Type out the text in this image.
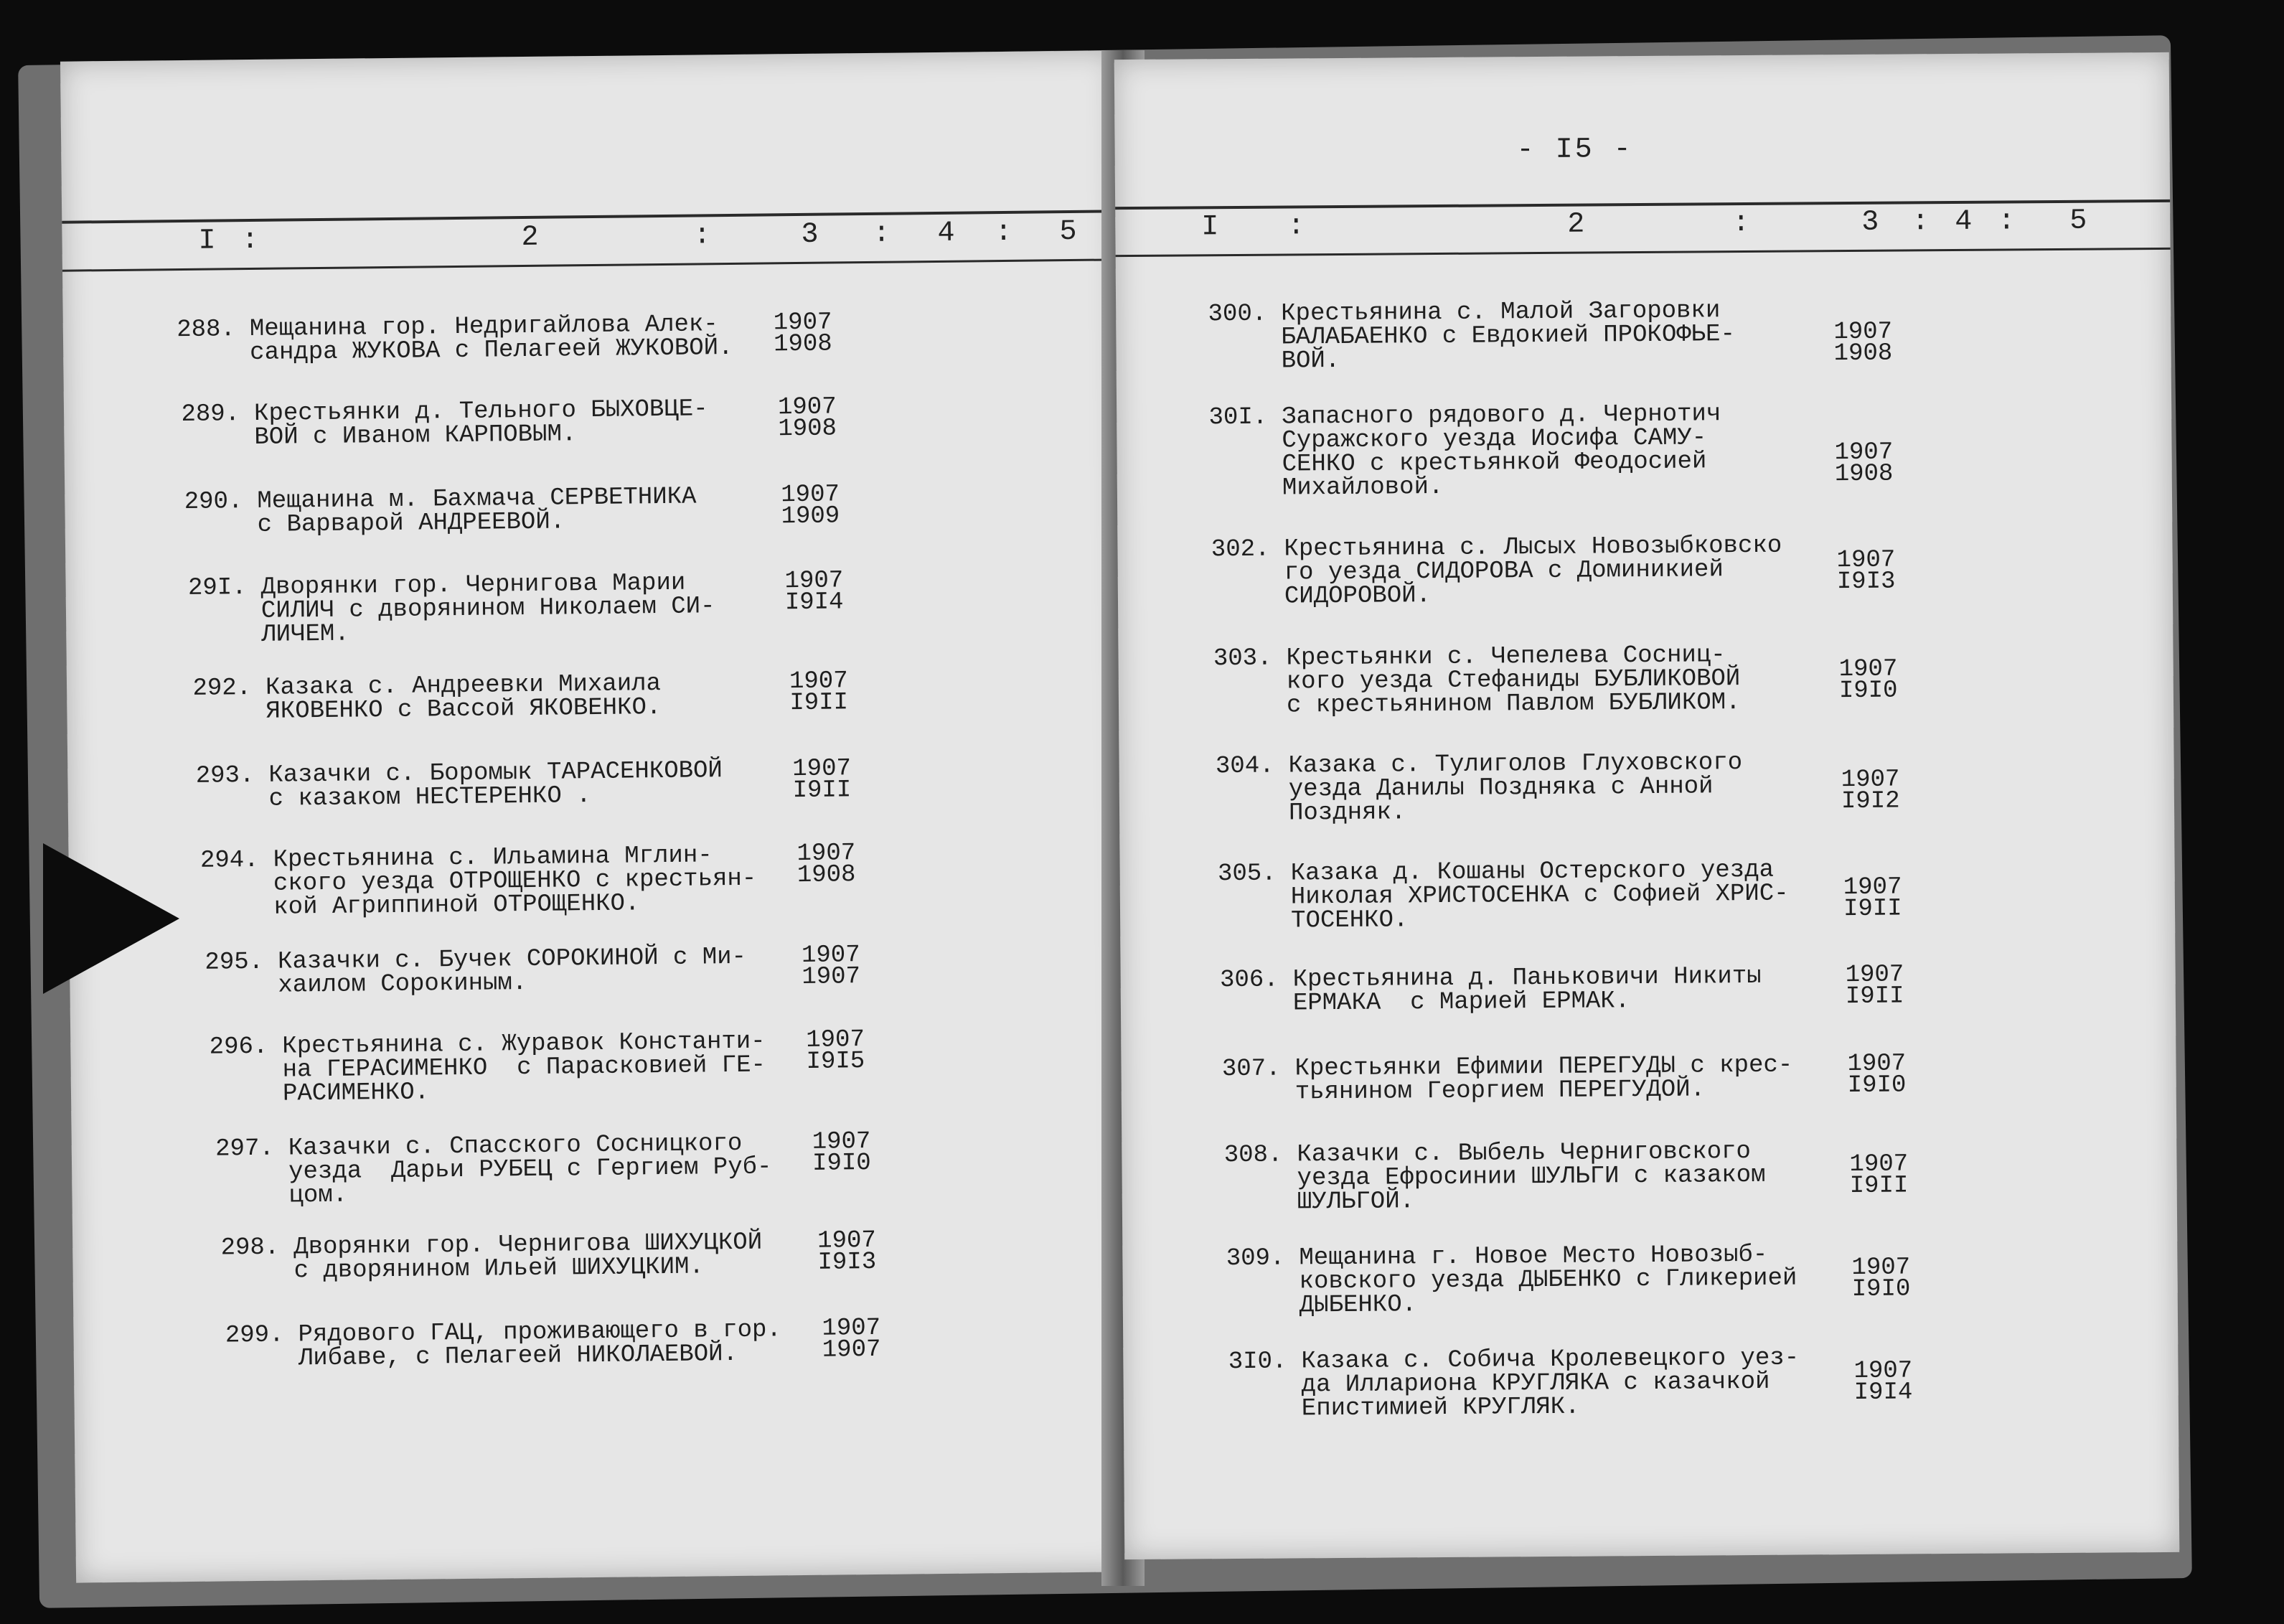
I :	2	:	3 : 4 : 5
288. Мещанина гор. Недригайлова Алек-
сандра ЖУКОВА с Пелагеей ЖУКОВОЙ.
1907
1908
289. Крестьянки д. Тельного БЫХОВЦЕ-
ВОЙ с Иваном КАРПОВЫМ.
1907
1908
290. Мещанина м. Бахмача СЕРВЕТНИКА
с Варварой АНДРЕЕВОЙ.
1907
1909
29I. Дворянки гор. Чернигова Марии
СИЛИЧ с дворянином Николаем СИ-
ЛИЧЕМ.
1907
I9I4
292. Казака с. Андреевки Михаила
ЯКОВЕНКО с Вассой ЯКОВЕНКО.
1907
I9II
293. Казачки с. Боромык ТАРАСЕНКОВОЙ
с казаком НЕСТЕРЕНКО .
1907
I9II
294. Крестьянина с. Ильамина Мглин-
ского уезда ОТРОЩЕНКО с крестьян-
кой Агриппиной ОТРОЩЕНКО.
1907
1908
295. Казачки с. Бучек СОРОКИНОЙ с Ми-
хаилом Сорокиным.
1907
1907
296. Крестьянина с. Журавок Константи-
на ГЕРАСИМЕНКО  с Парасковией ГЕ-
РАСИМЕНКО.
1907
I9I5
297. Казачки с. Спасского Сосницкого
уезда  Дарьи РУБЕЦ с Гергием Руб-
цом.
1907
I9I0
298. Дворянки гор. Чернигова ШИХУЦКОЙ
с дворянином Ильей ШИХУЦКИМ.
1907
I9I3
299. Рядового ГАЦ, проживающего в гор.
Либаве, с Пелагеей НИКОЛАЕВОЙ.
1907
1907
- I5 -
I :	2	:	3 : 4 : 5
300. Крестьянина с. Малой Загоровки
БАЛАБАЕНКО с Евдокией ПРОКОФЬЕ-
ВОЙ.
1907
1908
30I. Запасного рядового д. Чернотич
Суражского уезда Иосифа САМУ-
СЕНКО с крестьянкой Феодосией
Михайловой.
1907
1908
302. Крестьянина с. Лысых Новозыбковско
го уезда СИДОРОВА с Доминикией
СИДОРОВОЙ.
1907
I9I3
303. Крестьянки с. Чепелева Сосниц-
кого уезда Стефаниды БУБЛИКОВОЙ
с крестьянином Павлом БУБЛИКОМ.
1907
I9I0
304. Казака с. Тулиголов Глуховского
уезда Данилы Поздняка с Анной
Поздняк.
1907
I9I2
305. Казака д. Кошаны Остерского уезда
Николая ХРИСТОСЕНКА с Софией ХРИС-
ТОСЕНКО.
1907
I9II
306. Крестьянина д. Паньковичи Никиты
ЕРМАКА  с Марией ЕРМАК.
1907
I9II
307. Крестьянки Ефимии ПЕРЕГУДЫ с крес-
тьянином Георгием ПЕРЕГУДОЙ.
1907
I9I0
308. Казачки с. Выбель Черниговского
уезда Ефросинии ШУЛЬГИ с казаком
ШУЛЬГОЙ.
1907
I9II
309. Мещанина г. Новое Место Новозыб-
ковского уезда ДЫБЕНКО с Гликерией
ДЫБЕНКО.
1907
I9I0
3I0. Казака с. Собича Кролевецкого уез-
да Иллариона КРУГЛЯКА с казачкой
Епистимией КРУГЛЯК.
1907
I9I4
